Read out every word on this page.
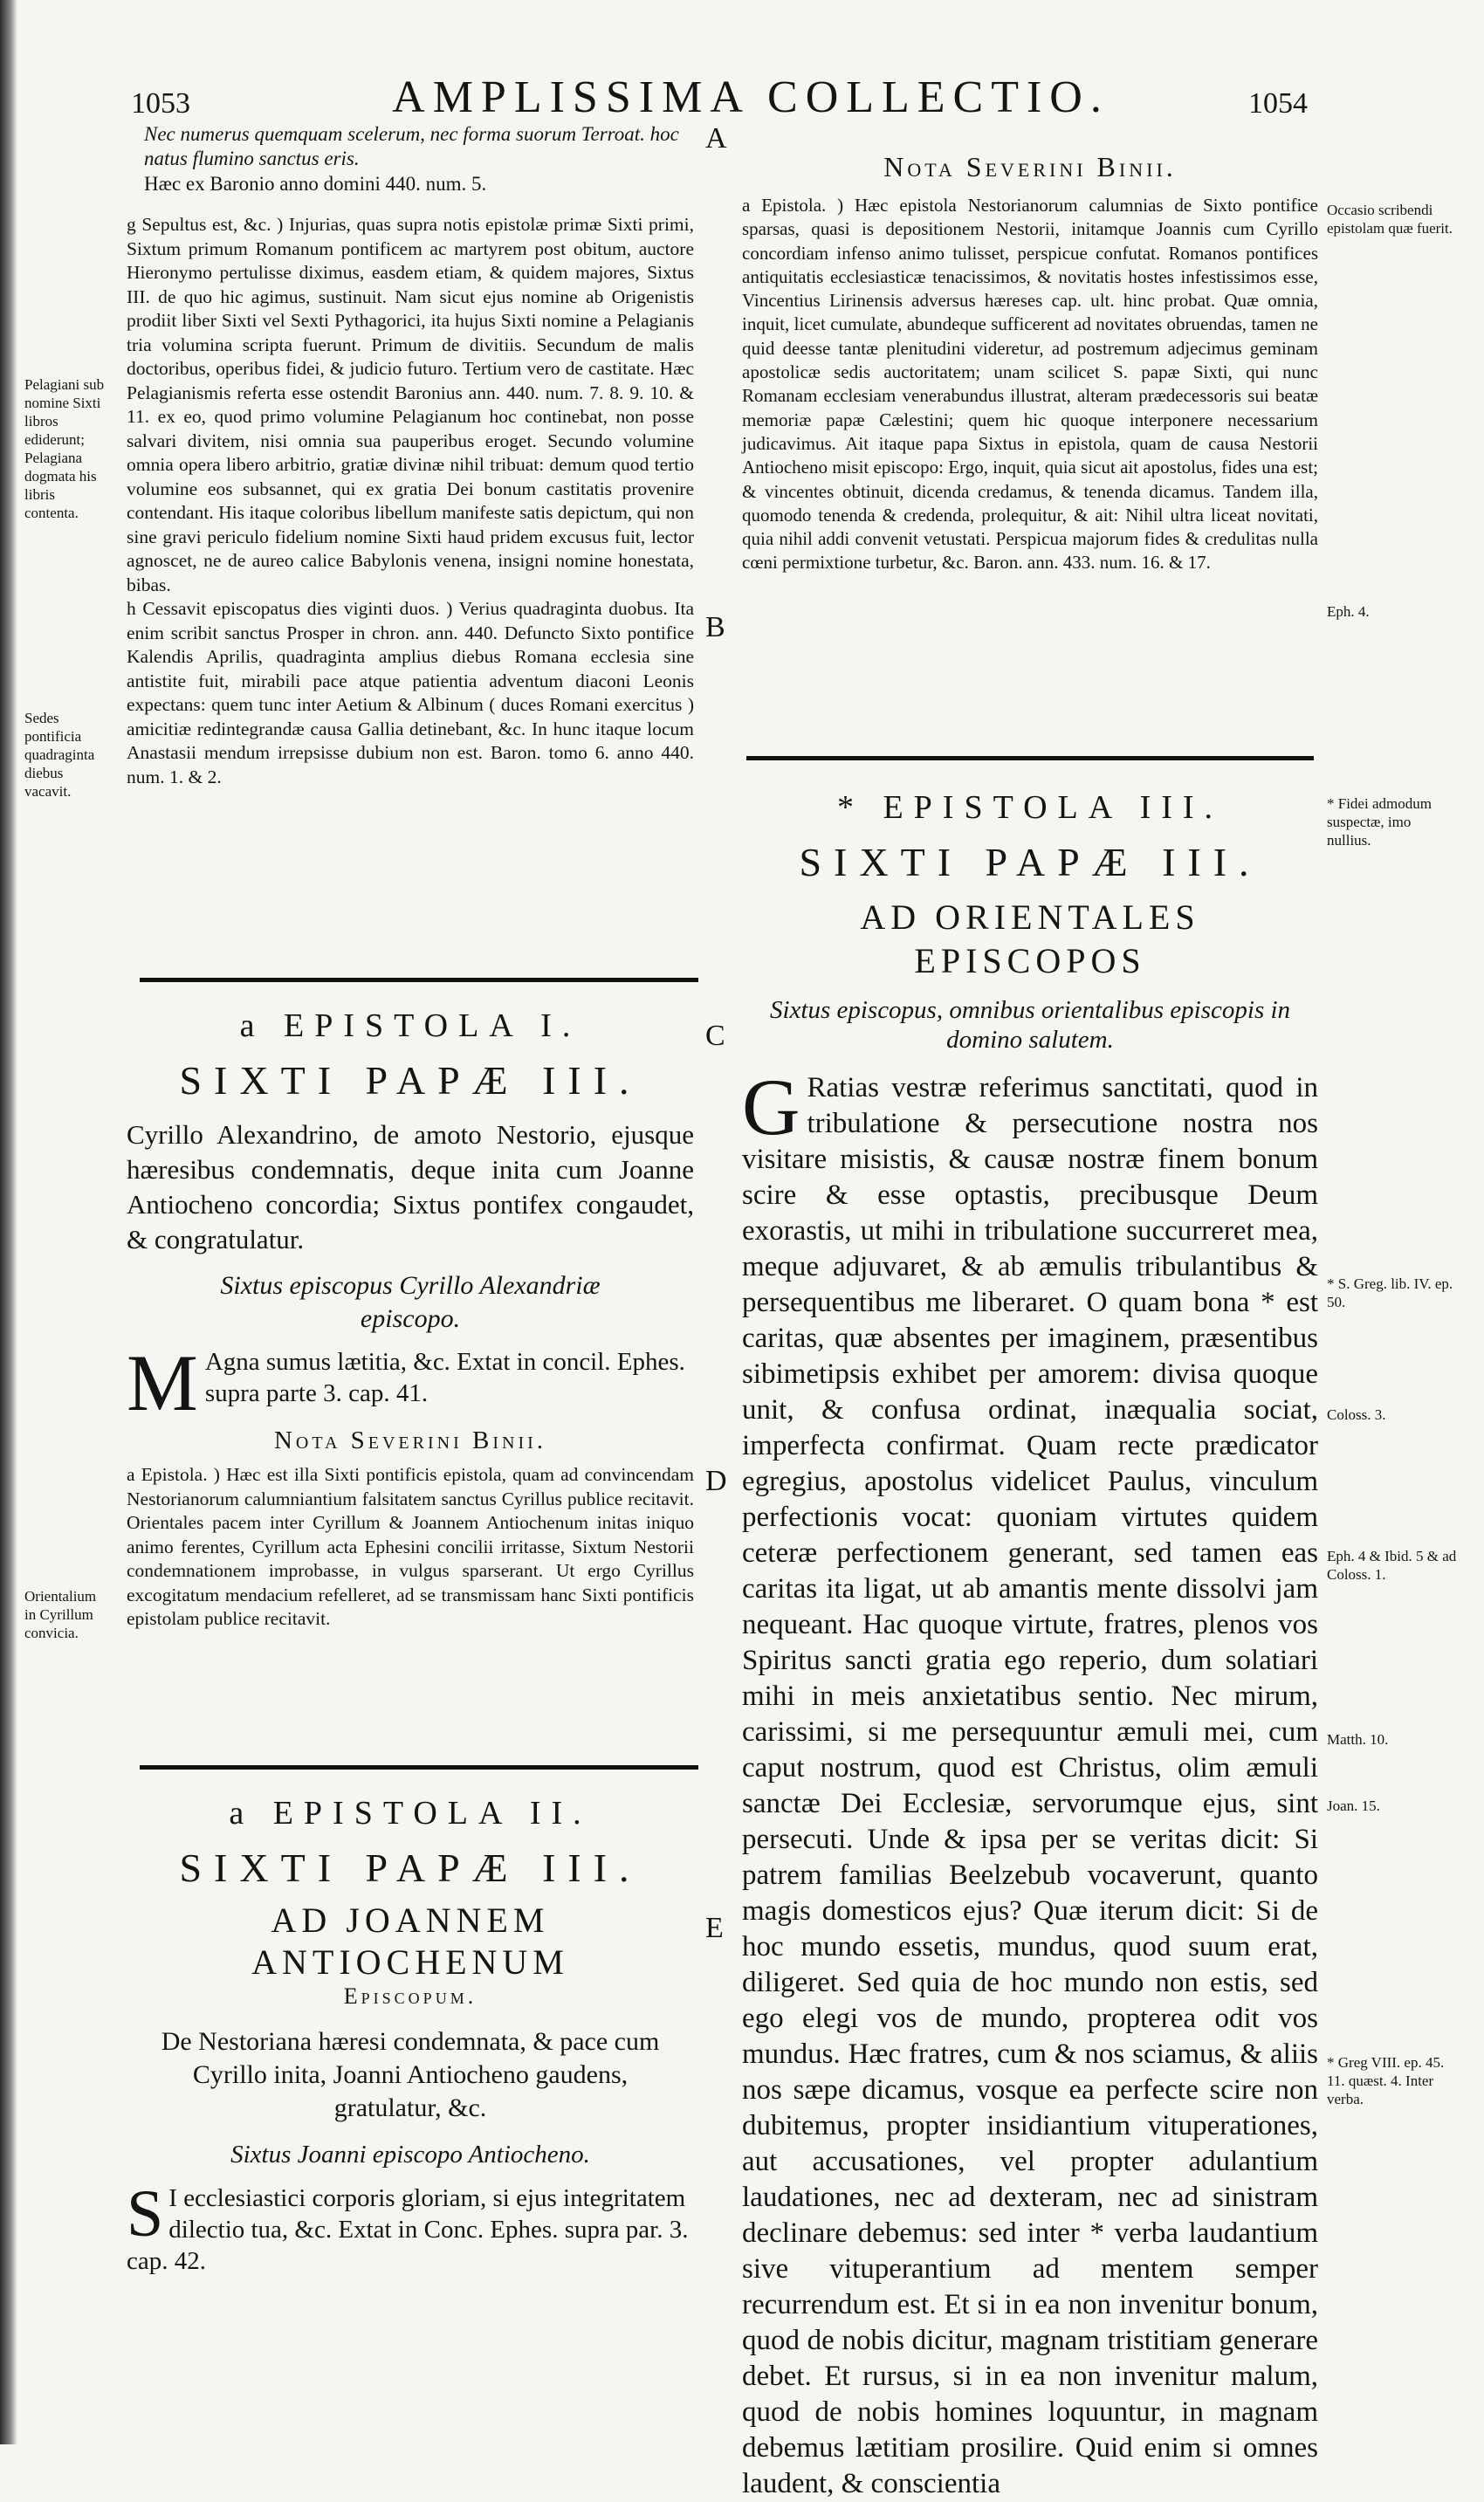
1053	AMPLISSIMA COLLECTIO.	1054
A
B
C
D
E
Pelagiani sub nomine Sixti libros ediderunt; Pelagiana dogmata his libris contenta.
Sedes pontificia quadraginta diebus vacavit.
Orientalium in Cyrillum convicia.

Nec numerus quemquam scelerum, nec forma suorum Terroat. hoc natus flumino sanctus eris.

Hæc ex Baronio anno domini 440. num. 5.

g Sepultus est, &c. ) Injurias, quas supra notis epistolæ primæ Sixti primi, Sixtum primum Romanum pontificem ac martyrem post obitum, auctore Hieronymo pertulisse diximus, easdem etiam, & quidem majores, Sixtus III. de quo hic agimus, sustinuit. Nam sicut ejus nomine ab Origenistis prodiit liber Sixti vel Sexti Pythagorici, ita hujus Sixti nomine a Pelagianis tria volumina scripta fuerunt. Primum de divitiis. Secundum de malis doctoribus, operibus fidei, & judicio futuro. Tertium vero de castitate. Hæc Pelagianismis referta esse ostendit Baronius ann. 440. num. 7. 8. 9. 10. & 11. ex eo, quod primo volumine Pelagianum hoc continebat, non posse salvari divitem, nisi omnia sua pauperibus eroget. Secundo volumine omnia opera libero arbitrio, gratiæ divinæ nihil tribuat: demum quod tertio volumine eos subsannet, qui ex gratia Dei bonum castitatis provenire contendant. His itaque coloribus libellum manifeste satis depictum, qui non sine gravi periculo fidelium nomine Sixti haud pridem excusus fuit, lector agnoscet, ne de aureo calice Babylonis venena, insigni nomine honestata, bibas.

h Cessavit episcopatus dies viginti duos. ) Verius quadraginta duobus. Ita enim scribit sanctus Prosper in chron. ann. 440. Defuncto Sixto pontifice Kalendis Aprilis, quadraginta amplius diebus Romana ecclesia sine antistite fuit, mirabili pace atque patientia adventum diaconi Leonis expectans: quem tunc inter Aetium & Albinum ( duces Romani exercitus ) amicitiæ redintegrandæ causa Gallia detinebant, &c. In hunc itaque locum Anastasii mendum irrepsisse dubium non est. Baron. tomo 6. anno 440. num. 1. & 2.

a EPISTOLA I.

SIXTI PAPÆ III.

Cyrillo Alexandrino, de amoto Nestorio, ejusque hæresibus condemnatis, deque inita cum Joanne Antiocheno concordia; Sixtus pontifex congaudet, & congratulatur.

Sixtus episcopus Cyrillo Alexandriæ episcopo.

M Agna sumus lætitia, &c. Extat in concil. Ephes. supra parte 3. cap. 41.

Nota Severini Binii.

a Epistola. ) Hæc est illa Sixti pontificis epistola, quam ad convincendam Nestorianorum calumniantium falsitatem sanctus Cyrillus publice recitavit. Orientales pacem inter Cyrillum & Joannem Antiochenum initas iniquo animo ferentes, Cyrillum acta Ephesini concilii irritasse, Sixtum Nestorii condemnationem improbasse, in vulgus sparserant. Ut ergo Cyrillus excogitatum mendacium refelleret, ad se transmissam hanc Sixti pontificis epistolam publice recitavit.

a EPISTOLA II.

SIXTI PAPÆ III.

AD JOANNEM ANTIOCHENUM

Episcopum.

De Nestoriana hæresi condemnata, & pace cum Cyrillo inita, Joanni Antiocheno gaudens, gratulatur, &c.

Sixtus Joanni episcopo Antiocheno.

S I ecclesiastici corporis gloriam, si ejus integritatem dilectio tua, &c. Extat in Conc. Ephes. supra par. 3. cap. 42.

Nota Severini Binii.

a Epistola. ) Hæc epistola Nestorianorum calumnias de Sixto pontifice sparsas, quasi is depositionem Nestorii, initamque Joannis cum Cyrillo concordiam infenso animo tulisset, perspicue confutat. Romanos pontifices antiquitatis ecclesiasticæ tenacissimos, & novitatis hostes infestissimos esse, Vincentius Lirinensis adversus hæreses cap. ult. hinc probat. Quæ omnia, inquit, licet cumulate, abundeque sufficerent ad novitates obruendas, tamen ne quid deesse tantæ plenitudini videretur, ad postremum adjecimus geminam apostolicæ sedis auctoritatem; unam scilicet S. papæ Sixti, qui nunc Romanam ecclesiam venerabundus illustrat, alteram prædecessoris sui beatæ memoriæ papæ Cælestini; quem hic quoque interponere necessarium judicavimus. Ait itaque papa Sixtus in epistola, quam de causa Nestorii Antiocheno misit episcopo: Ergo, inquit, quia sicut ait apostolus, fides una est; & vincentes obtinuit, dicenda credamus, & tenenda dicamus. Tandem illa, quomodo tenenda & credenda, prolequitur, & ait: Nihil ultra liceat novitati, quia nihil addi convenit vetustati. Perspicua majorum fides & credulitas nulla cœni permixtione turbetur, &c. Baron. ann. 433. num. 16. & 17.

* EPISTOLA III.

SIXTI PAPÆ III.

AD ORIENTALES EPISCOPOS

Sixtus episcopus, omnibus orientalibus episcopis in domino salutem.

G Ratias vestræ referimus sanctitati, quod in tribulatione & persecutione nostra nos visitare misistis, & causæ nostræ finem bonum scire & esse optastis, precibusque Deum exorastis, ut mihi in tribulatione succurreret mea, meque adjuvaret, & ab æmulis tribulantibus & persequentibus me liberaret. O quam bona * est caritas, quæ absentes per imaginem, præsentibus sibimetipsis exhibet per amorem: divisa quoque unit, & confusa ordinat, inæqualia sociat, imperfecta confirmat. Quam recte prædicator egregius, apostolus videlicet Paulus, vinculum perfectionis vocat: quoniam virtutes quidem ceteræ perfectionem generant, sed tamen eas caritas ita ligat, ut ab amantis mente dissolvi jam nequeant. Hac quoque virtute, fratres, plenos vos Spiritus sancti gratia ego reperio, dum solatiari mihi in meis anxietatibus sentio. Nec mirum, carissimi, si me persequuntur æmuli mei, cum caput nostrum, quod est Christus, olim æmuli sanctæ Dei Ecclesiæ, servorumque ejus, sint persecuti. Unde & ipsa per se veritas dicit: Si patrem familias Beelzebub vocaverunt, quanto magis domesticos ejus? Quæ iterum dicit: Si de hoc mundo essetis, mundus, quod suum erat, diligeret. Sed quia de hoc mundo non estis, sed ego elegi vos de mundo, propterea odit vos mundus. Hæc fratres, cum & nos sciamus, & aliis nos sæpe dicamus, vosque ea perfecte scire non dubitemus, propter insidiantium vituperationes, aut accusationes, vel propter adulantium laudationes, nec ad dexteram, nec ad sinistram declinare debemus: sed inter * verba laudantium sive vituperantium ad mentem semper recurrendum est. Et si in ea non invenitur bonum, quod de nobis dicitur, magnam tristitiam generare debet. Et rursus, si in ea non invenitur malum, quod de nobis homines loquuntur, in magnam debemus lætitiam prosilire. Quid enim si omnes laudent, & conscientia

Occasio scribendi epistolam quæ fuerit.
Eph. 4.
* Fidei admodum suspectæ, imo nullius.
* S. Greg. lib. IV. ep. 50.
Coloss. 3.
Eph. 4 & Ibid. 5 & ad Coloss. 1.
Matth. 10.
Joan. 15.
* Greg VIII. ep. 45. 11. quæst. 4. Inter verba.
